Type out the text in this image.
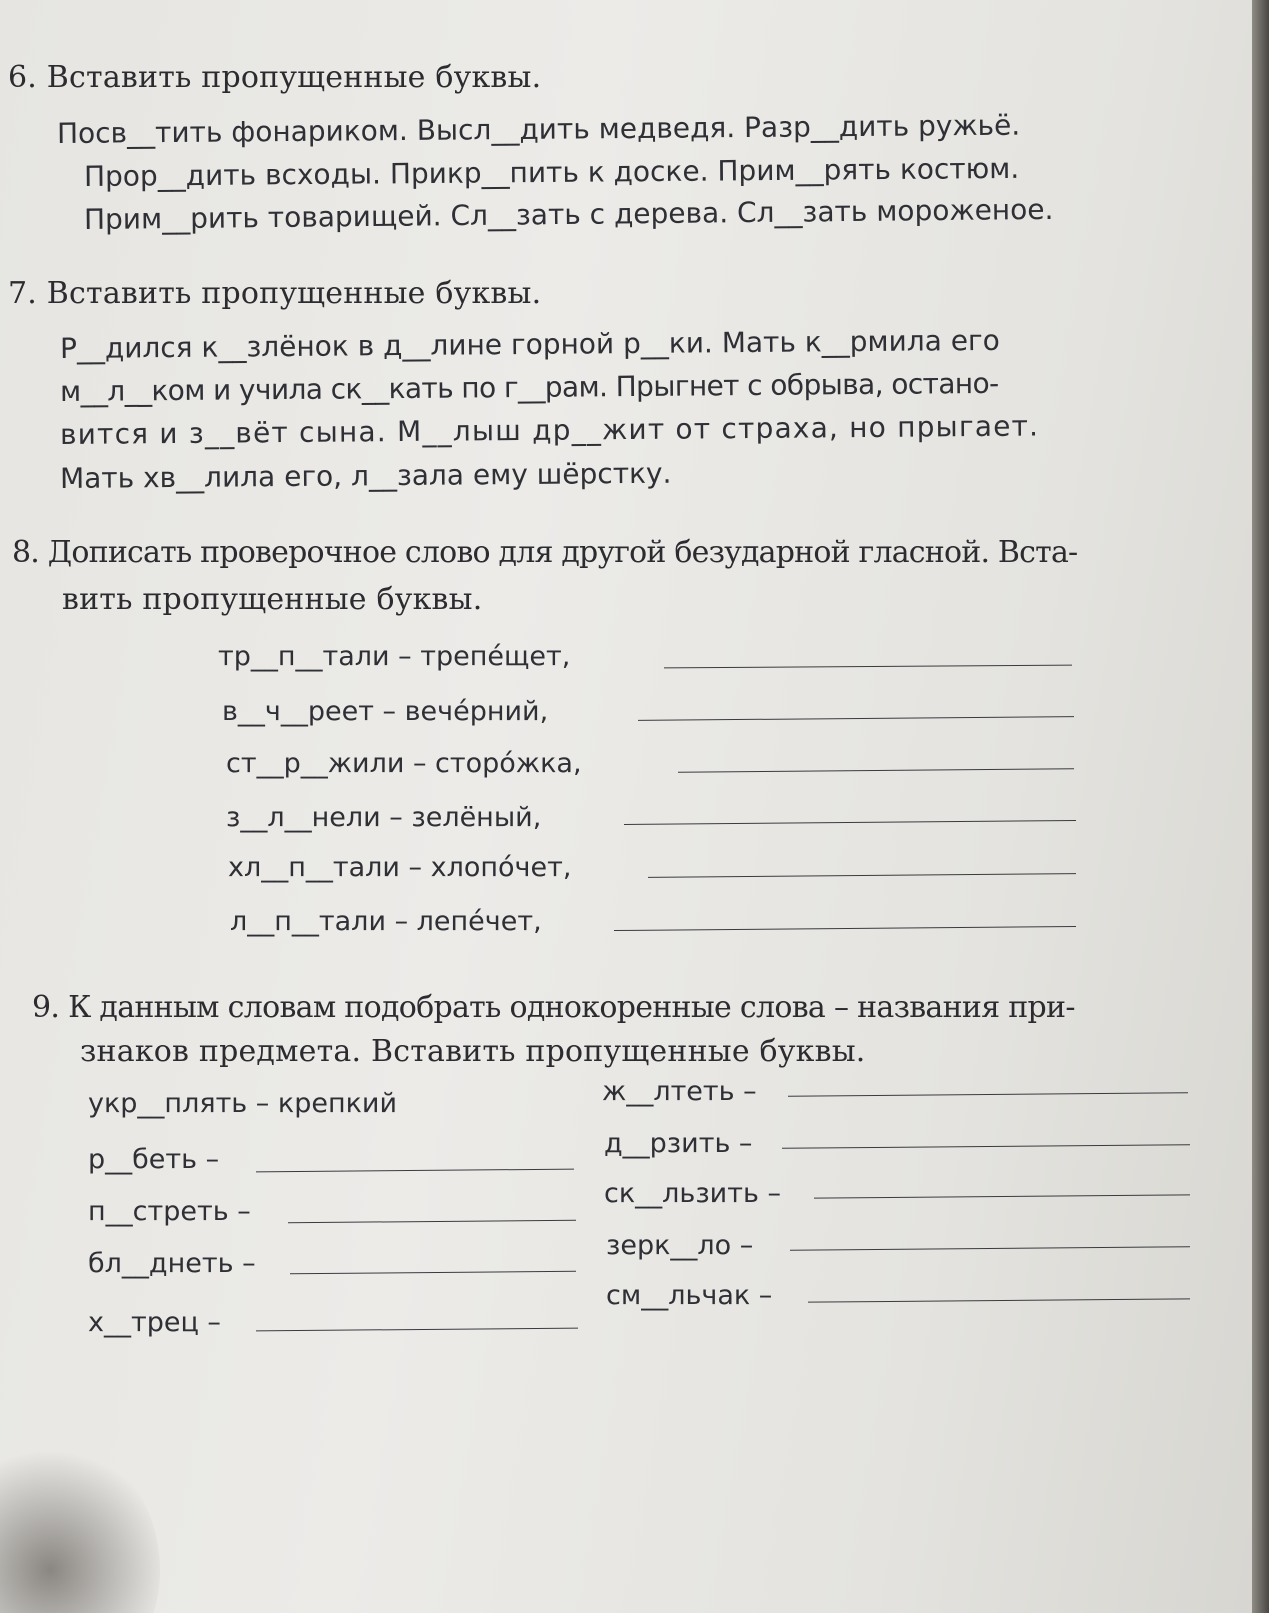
6. Вставить пропущенные буквы.
Посв__тить фонариком. Высл__дить медведя. Разр__дить ружьё.
Прор__дить всходы. Прикр__пить к доске. Прим__рять костюм.
Прим__рить товарищей. Сл__зать с дерева. Сл__зать мороженое.
7. Вставить пропущенные буквы.
Р__дился к__злёнок в д__лине горной р__ки. Мать к__рмила его
м__л__ком и учила ск__кать по г__рам. Прыгнет с обрыва, остано-
вится и з__вёт сына. М__лыш др__жит от страха, но прыгает.
Мать хв__лила его, л__зала ему шёрстку.
8. Дописать проверочное слово для другой безударной гласной. Вста-
вить пропущенные буквы.
тр__п__тали – трепе́щет,
в__ч__реет – вече́рний,
ст__р__жили – сторо́жка,
з__л__нели – зелёный,
хл__п__тали – хлопо́чет,
л__п__тали – лепе́чет,
9. К данным словам подобрать однокоренные слова – названия при-
знаков предмета. Вставить пропущенные буквы.
укр__плять – крепкий
р__беть –
п__стреть –
бл__днеть –
х__трец –
ж__лтеть –
д__рзить –
ск__льзить –
зерк__ло –
см__льчак –
